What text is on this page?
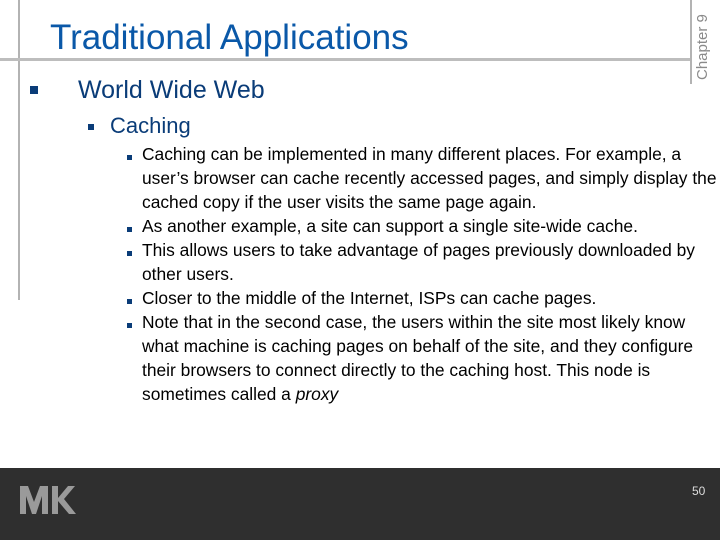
Chapter 9
Traditional Applications
World Wide Web
Caching
Caching can be implemented in many different places. For example, a user’s browser can cache recently accessed pages, and simply display the cached copy if the user visits the same page again.
As another example, a site can support a single site-wide cache.
This allows users to take advantage of pages previously downloaded by other users.
Closer to the middle of the Internet, ISPs can cache pages.
Note that in the second case, the users within the site most likely know what machine is caching pages on behalf of the site, and they configure their browsers to connect directly to the caching host. This node is sometimes called a proxy
50
